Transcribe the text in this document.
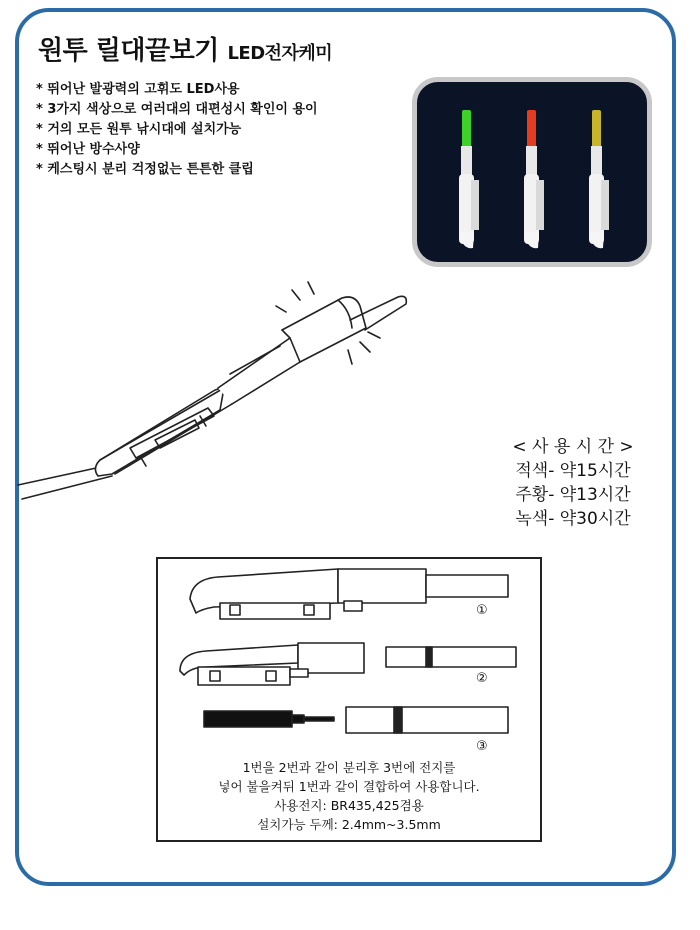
원투 릴대끝보기 LED전자케미
* 뛰어난 발광력의 고휘도 LED사용
* 3가지 색상으로 여러대의 대편성시 확인이 용이
* 거의 모든 원투 낚시대에 설치가능
* 뛰어난 방수사양
* 케스팅시 분리 걱정없는 튼튼한 클립
< 사 용 시 간 >
적색- 약15시간
주황- 약13시간
녹색- 약30시간
①
②
③
1번을 2번과 같이 분리후 3번에 전지를
넣어 불을켜뒤 1번과 같이 결합하여 사용합니다.
사용전지: BR435,425겸용
설치가능 두께: 2.4mm~3.5mm
